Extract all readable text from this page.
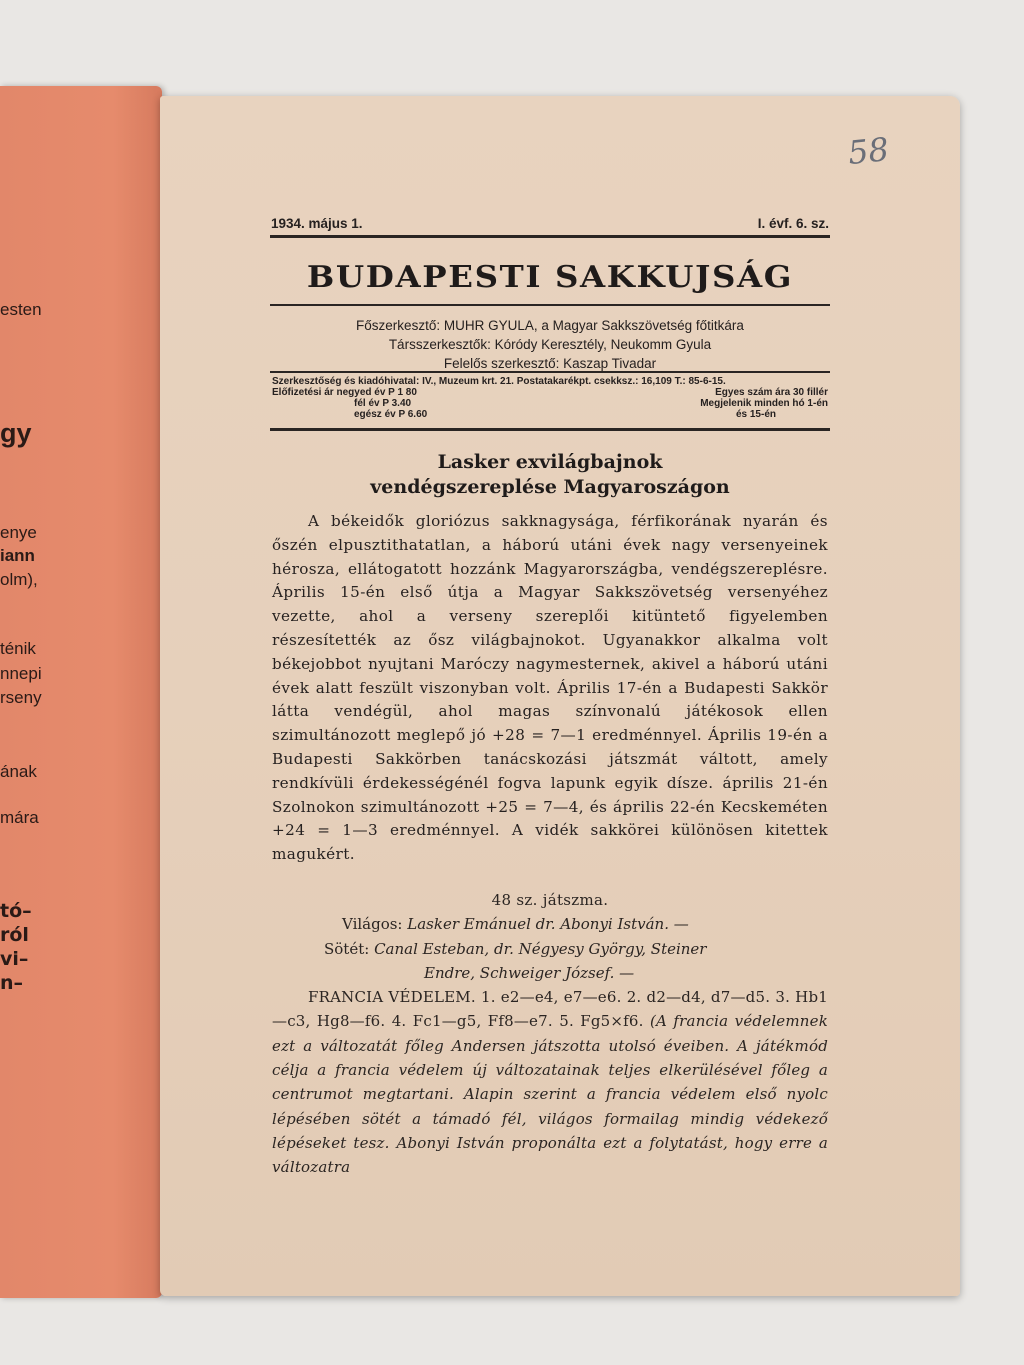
esten
gy
enye
iann
olm),
ténik
nnepi
rseny
ának
mára
tó–
ról
vi–
n–
58
1934. május 1.	I. évf. 6. sz.
BUDAPESTI SAKKUJSÁG
Főszerkesztő: MUHR GYULA, a Magyar Sakkszövetség főtitkára
Társszerkesztők: Kóródy Keresztély, Neukomm Gyula
Felelős szerkesztő: Kaszap Tivadar
Szerkesztőség és kiadóhivatal: IV., Muzeum krt. 21. Postatakarékpt. csekksz.: 16,109 T.: 85-6-15.
Előfizetési ár negyed év P 1 80
fél év P 3.40
egész év P 6.60
Egyes szám ára 30 fillér
Megjelenik minden hó 1-én
és 15-én
Lasker exvilágbajnok
vendégszereplése Magyaroszágon
A békeidők gloriózus sakknagysága, férfikorának nyarán és őszén elpusztithatatlan, a háború utáni évek nagy versenyeinek hérosza, ellátogatott hozzánk Magyarországba, vendégszereplésre. Április 15-én első útja a Magyar Sakkszövetség versenyéhez vezette, ahol a verseny szereplői kitüntető figyelemben részesítették az ősz világbajnokot. Ugyanakkor alkalma volt békejobbot nyujtani Maróczy nagymesternek, akivel a háború utáni évek alatt feszült viszonyban volt. Április 17-én a Budapesti Sakkör látta vendégül, ahol magas színvonalú játékosok ellen szimultánozott meglepő jó +28 = 7—1 eredménnyel. Április 19-én a Budapesti Sakkörben tanácskozási játszmát váltott, amely rendkívüli érdekességénél fogva lapunk egyik dísze. április 21-én Szolnokon szimultánozott +25 = 7—4, és április 22-én Kecskeméten +24 = 1—3 eredménnyel. A vidék sakkörei különösen kitettek magukért.
48 sz. játszma.
Világos: Lasker Emánuel dr. Abonyi István. —
Sötét: Canal Esteban, dr. Négyesy György, Steiner
Endre, Schweiger József. —
FRANCIA VÉDELEM. 1. e2—e4, e7—e6. 2. d2—d4, d7—d5. 3. Hb1—c3, Hg8—f6. 4. Fc1—g5, Ff8—e7. 5. Fg5×f6. (A francia védelemnek ezt a változatát főleg Andersen játszotta utolsó éveiben. A játékmód célja a francia védelem új változatainak teljes elkerülésével főleg a centrumot megtartani. Alapin szerint a francia védelem első nyolc lépésében sötét a támadó fél, világos formailag mindig védekező lépéseket tesz. Abonyi István proponálta ezt a folytatást, hogy erre a változatra
